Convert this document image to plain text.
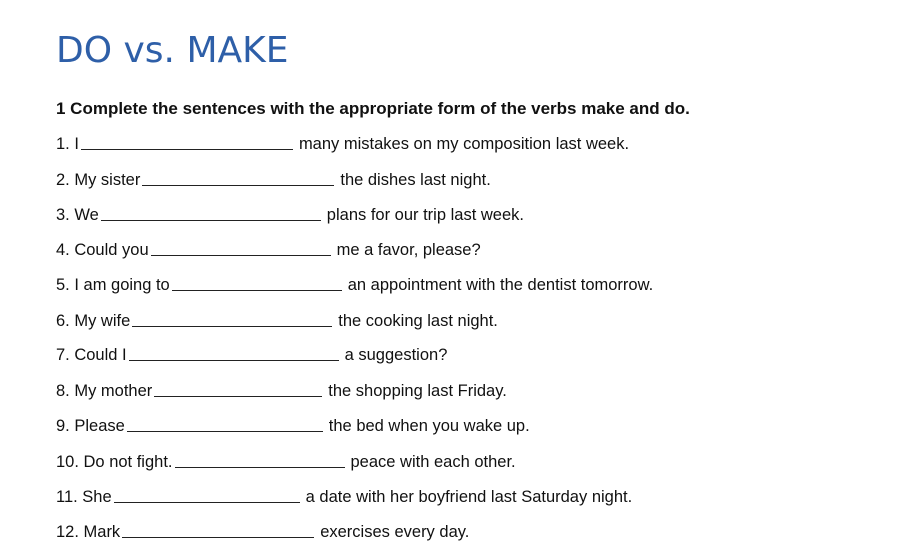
DO vs. MAKE
1 Complete the sentences with the appropriate form of the verbs make and do.
1. I	many mistakes on my composition last week.
2. My sister	the dishes last night.
3. We	plans for our trip last week.
4. Could you	me a favor, please?
5. I am going to	an appointment with the dentist tomorrow.
6. My wife	the cooking last night.
7. Could I	a suggestion?
8. My mother	the shopping last Friday.
9. Please	the bed when you wake up.
10. Do not fight.	peace with each other.
11. She	a date with her boyfriend last Saturday night.
12. Mark	exercises every day.
